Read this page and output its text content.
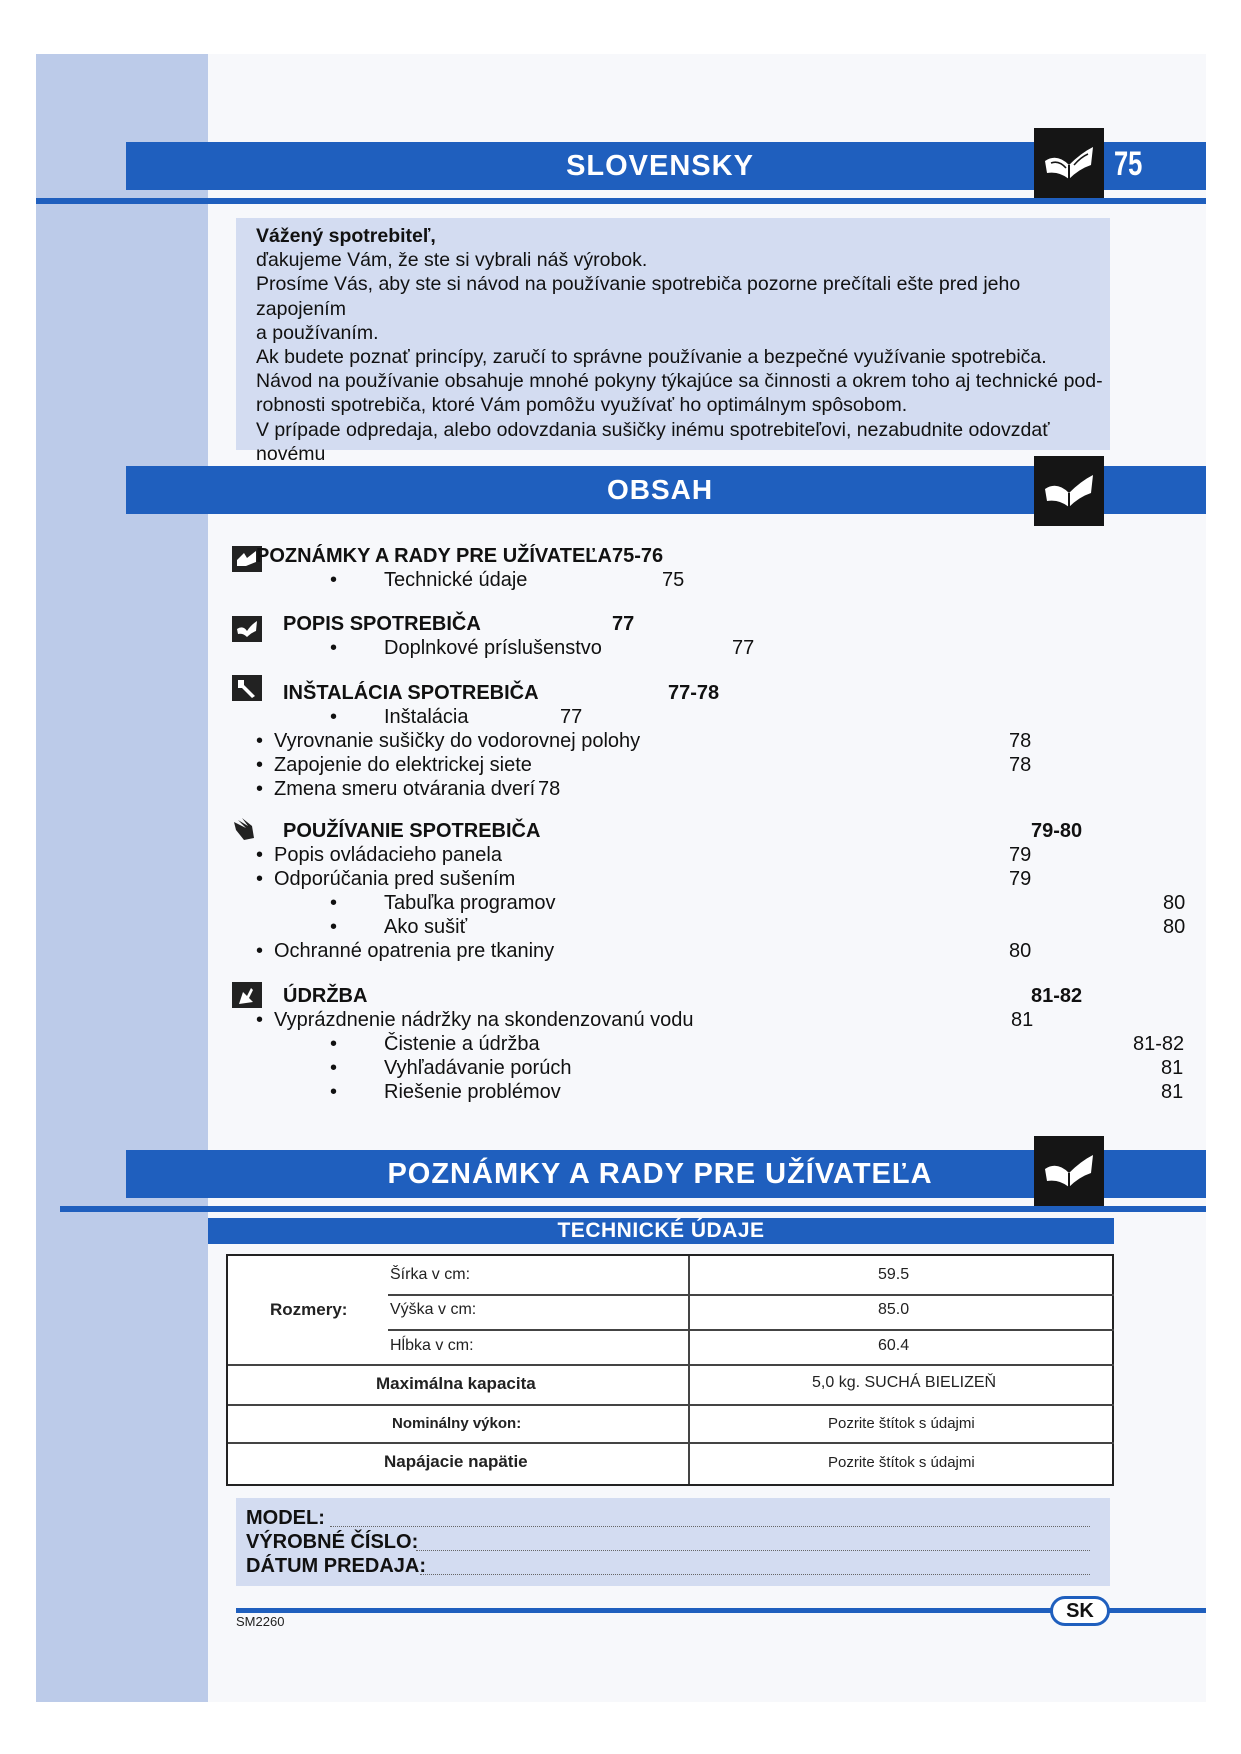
SLOVENSKY	75
Vážený spotrebiteľ,
ďakujeme Vám, že ste si vybrali náš výrobok.
Prosíme Vás, aby ste si návod na používanie spotrebiča pozorne prečítali ešte pred jeho zapojením
a používaním.
Ak budete poznať princípy, zaručí to správne používanie a bezpečné využívanie spotrebiča.
Návod na používanie obsahuje mnohé pokyny týkajúce sa činnosti a okrem toho aj technické pod-
robnosti spotrebiča, ktoré Vám pomôžu využívať ho optimálnym spôsobom.
V prípade odpredaja, alebo odovzdania sušičky inému spotrebiteľovi, nezabudnite odovzdať novému
OBSAH
POZNÁMKY A RADY PRE UŽÍVATEĽA 75-76
• Technické údaje	75
POPIS SPOTREBIČA	77
• Doplnkové príslušenstvo	77
INŠTALÁCIA SPOTREBIČA	77-78
• Inštalácia	77
• Vyrovnanie sušičky do vodorovnej polohy	78
• Zapojenie do elektrickej siete	78
• Zmena smeru otvárania dverí 78
POUŽÍVANIE SPOTREBIČA	79-80
• Popis ovládacieho panela	79
• Odporúčania pred sušením	79
• Tabuľka programov	80
• Ako sušiť	80
• Ochranné opatrenia pre tkaniny	80
ÚDRŽBA	81-82
• Vyprázdnenie nádržky na skondenzovanú vodu	81
• Čistenie a údržba	81-82
• Vyhľadávanie porúch	81
• Riešenie problémov	81
POZNÁMKY A RADY PRE UŽÍVATEĽA
TECHNICKÉ ÚDAJE
Rozmery:
Šírka v cm:	59.5
Výška v cm:	85.0
Hĺbka v cm:	60.4
Maximálna kapacita	5,0 kg. SUCHÁ BIELIZEŇ
Nominálny výkon:	Pozrite štítok s údajmi
Napájacie napätie	Pozrite štítok s údajmi
MODEL:
VÝROBNÉ ČÍSLO:
DÁTUM PREDAJA:
SK
SM2260
